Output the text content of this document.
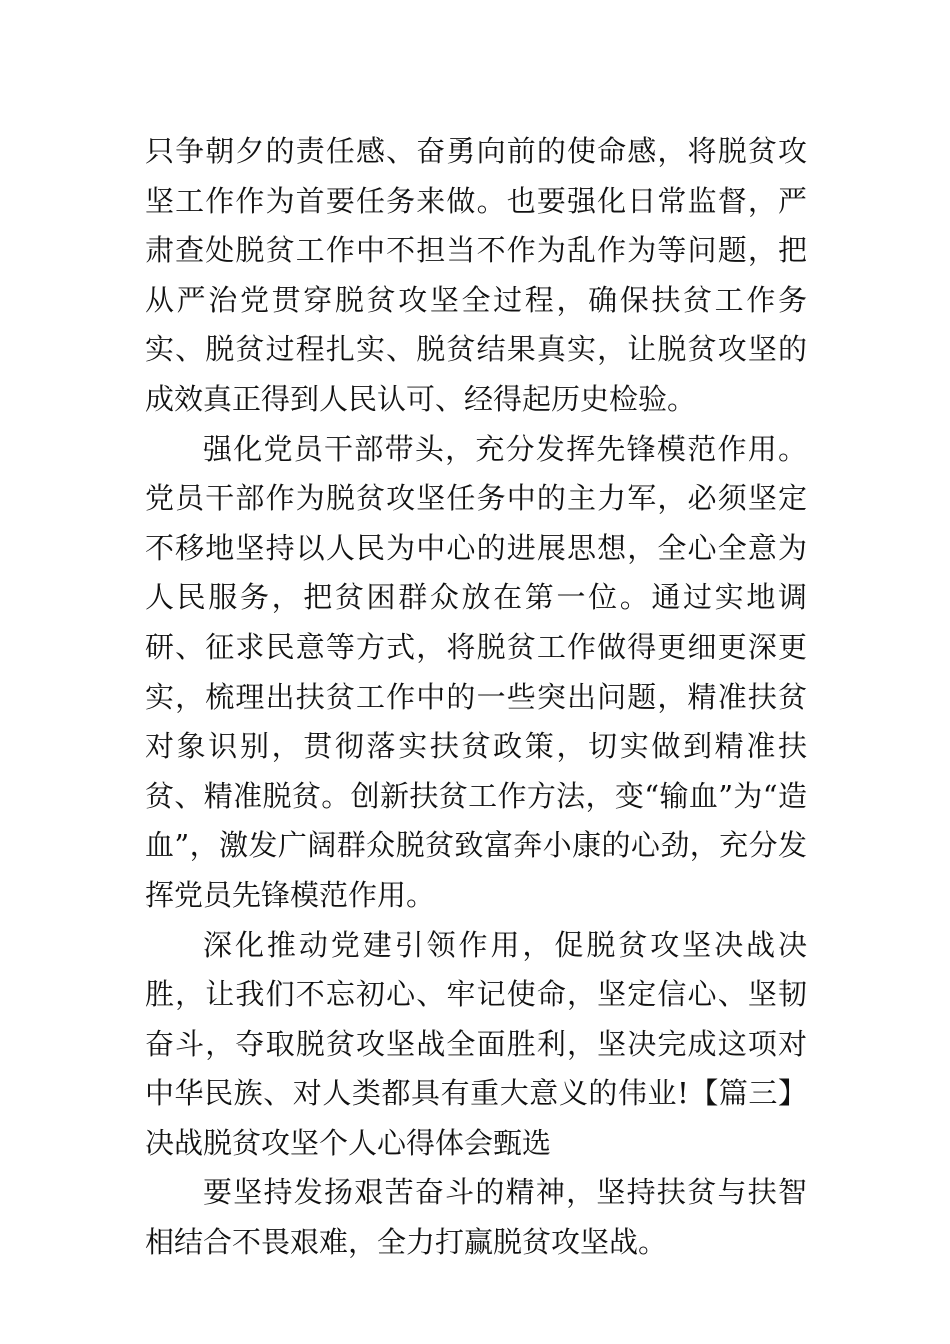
只争朝夕的责任感、奋勇向前的使命感，将脱贫攻坚工作作为首要任务来做。也要强化日常监督，严肃查处脱贫工作中不担当不作为乱作为等问题，把从严治党贯穿脱贫攻坚全过程，确保扶贫工作务实、脱贫过程扎实、脱贫结果真实，让脱贫攻坚的成效真正得到人民认可、经得起历史检验。

强化党员干部带头，充分发挥先锋模范作用。党员干部作为脱贫攻坚任务中的主力军，必须坚定不移地坚持以人民为中心的进展思想，全心全意为人民服务，把贫困群众放在第一位。通过实地调研、征求民意等方式，将脱贫工作做得更细更深更实，梳理出扶贫工作中的一些突出问题，精准扶贫对象识别，贯彻落实扶贫政策，切实做到精准扶贫、精准脱贫。创新扶贫工作方法，变“输血”为“造血”，激发广阔群众脱贫致富奔小康的心劲，充分发挥党员先锋模范作用。

深化推动党建引领作用，促脱贫攻坚决战决胜，让我们不忘初心、牢记使命，坚定信心、坚韧奋斗，夺取脱贫攻坚战全面胜利，坚决完成这项对中华民族、对人类都具有重大意义的伟业!【篇三】决战脱贫攻坚个人心得体会甄选

要坚持发扬艰苦奋斗的精神，坚持扶贫与扶智相结合不畏艰难，全力打赢脱贫攻坚战。
